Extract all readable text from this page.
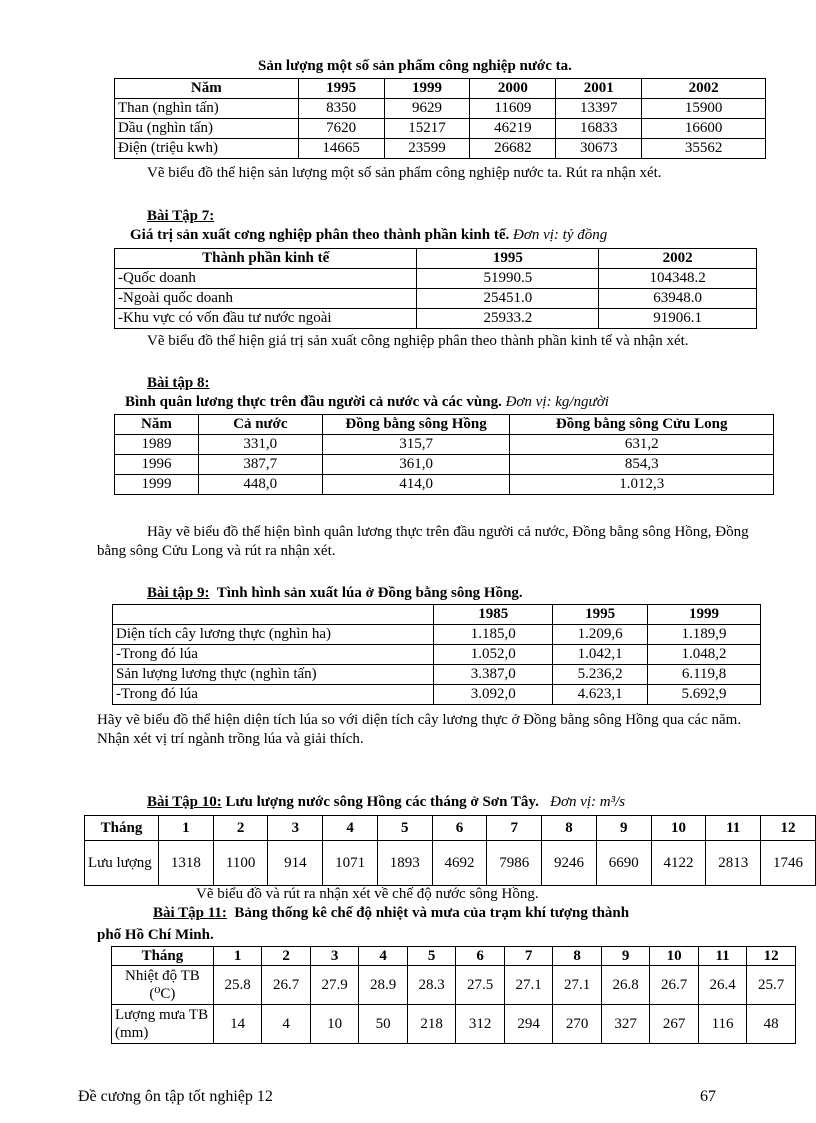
Sản lượng một số sản phẩm công nghiệp nước ta.
Năm	1995	1999	2000	2001	2002
Than (nghìn tấn)	8350	9629	11609	13397	15900
Dầu (nghìn tấn)	7620	15217	46219	16833	16600
Điện (triệu kwh)	14665	23599	26682	30673	35562
Vẽ biểu đồ thể hiện sản lượng một số sản phẩm công nghiệp nước ta. Rút ra nhận xét.
Bài Tập 7:
Giá trị sản xuất cơng nghiệp phân theo thành phần kinh tế. Đơn vị: tỷ đồng
Thành phần kinh tế	1995	2002
-Quốc doanh	51990.5	104348.2
-Ngoài quốc doanh	25451.0	63948.0
-Khu vực có vốn đầu tư nước ngoài	25933.2	91906.1
Vẽ biểu đồ thể hiện giá trị sản xuất công nghiệp phân theo thành phần kinh tế và nhận xét.
Bài tập 8:
Bình quân lương thực trên đầu người cả nước và các vùng. Đơn vị: kg/người
Năm	Cả nước	Đồng bằng sông Hồng	Đồng bằng sông Cửu Long
1989	331,0	315,7	631,2
1996	387,7	361,0	854,3
1999	448,0	414,0	1.012,3
Hãy vẽ biểu đồ thể hiện bình quân lương thực trên đầu người cả nước, Đồng bằng sông Hồng, Đồng bằng sông Cửu Long và rút ra nhận xét.
Bài tập 9: Tình hình sản xuất lúa ở Đồng bằng sông Hồng.
	1985	1995	1999
Diện tích cây lương thực (nghìn ha)	1.185,0	1.209,6	1.189,9
-Trong đó lúa	1.052,0	1.042,1	1.048,2
Sản lượng lương thực (nghìn tấn)	3.387,0	5.236,2	6.119,8
-Trong đó lúa	3.092,0	4.623,1	5.692,9
Hãy vẽ biểu đồ thể hiện diện tích lúa so với diện tích cây lương thực ở Đồng bằng sông Hồng qua các năm. Nhận xét vị trí ngành trồng lúa và giải thích.
Bài Tập 10: Lưu lượng nước sông Hồng các tháng ở Sơn Tây. Đơn vị: m³/s
Tháng	1	2	3	4	5	6	7	8	9	10	11	12
Lưu lượng	1318	1100	914	1071	1893	4692	7986	9246	6690	4122	2813	1746
Vẽ biểu đồ và rút ra nhận xét về chế độ nước sông Hồng.
Bài Tập 11: Bảng thống kê chế độ nhiệt và mưa của trạm khí tượng thành
phố Hồ Chí Minh.
Tháng	1	2	3	4	5	6	7	8	9	10	11	12
Nhiệt độ TB (⁰C)	25.8	26.7	27.9	28.9	28.3	27.5	27.1	27.1	26.8	26.7	26.4	25.7
Lượng mưa TB (mm)	14	4	10	50	218	312	294	270	327	267	116	48
Đề cương ôn tập tốt nghiệp 12	67
